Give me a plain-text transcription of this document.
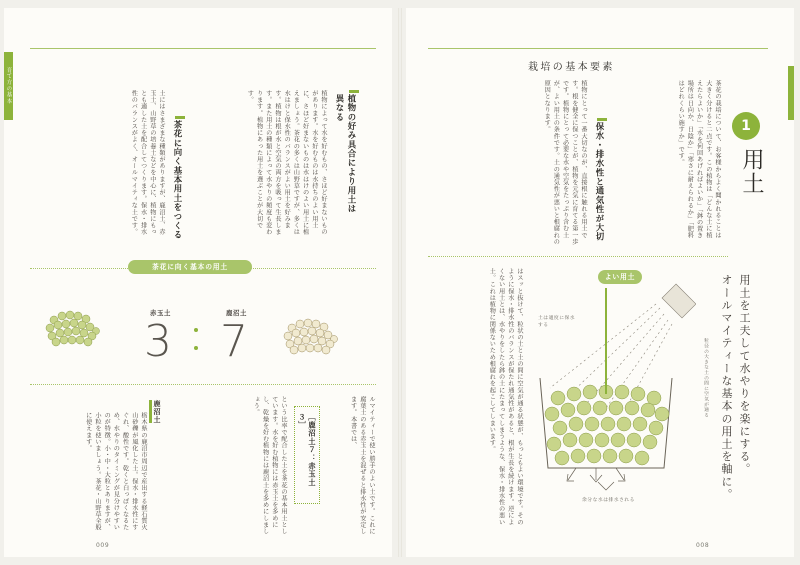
育て方の基本
植物の好み具合により用土は異なる
植物によって水を好むもの、さほど好まないものがあります。水を好むものは水持ちのよい用土に、さほど好まないものは水はけのよい用土に植えましょう。茶花の多くは山野草ですが、多くは水はけと保水性のバランスがよい用土を好みます。植物は根が水と空気の両方を吸って生長します。また用土の種類によって水やりの頻度も変わります。植物にあった用土を選ぶことが大切です。
茶花に向く基本用土をつくる
土にはさまざまな種類がありますが、鹿沼土、赤玉土、山野草の培養土などを中心に、植物にもっとも適した土を配合してつくります。保水・排水性のバランスがよく、オールマイティな土です。
茶花に向く基本の用土
赤玉土
3
鹿沼土
7
ルマイティーで使い勝手のよい土です。これに腐葉土のある赤玉土を混ぜると排水性が安定します。本書では、
［鹿沼土７：赤玉土３］
という比率で配合した土を茶花の基本用土としています。水を好む植物には赤玉土を多めにし、乾燥を好む植物には鹿沼土を多めにしましょう。
鹿沼土
栃木県の鹿沼市周辺で産出する軽石質火山砂礫が風化した土。保水・排水性にすぐれ、酸性です。乾くと白っぽくなるため、水やりのタイミングが見分けやすいのが特徴。小・中・大粒とありますが、小粒を使いましょう。茶花・山野草全般に使えます。
009
栽培の基本要素
1
用土
茶花の栽培について、お客様からよく聞かれることは大きく分けると二点です。この植物は「どんな土に植えたらよいか」「水を何回あげればよいか」「鉢の置き場所は日向か、日陰か」「寒さに耐えられるか」「肥料はどれくらい施すか」です。
保水・排水性と通気性が大切
植物にとって一番大切なのが、直接根に触れる用土です。根を健全に保つことが、植物を元気に育てる第一歩です。植物にとって必要な水や空気をたっぷり含む土が、よい用土の条件です。土の通気性が悪いと根腐れの原因となります。
用土を工夫して水やりを楽にする。
オールマイティーな基本の用土を軸に。
よい用土
土は適度に保水する
粒径の大きな土の間に空気が通る
余分な水は排水される
はスッと抜けて、粒状の土と土の間に空気が通る状態が、もっともよい環境です。そのように保水・排水性のバランスが保たれ通気性があると、根が生長を続けます。逆によくない用土とは、水やりをしたら鉢の土にたまってしまうような、保水・排水性の悪い土。これは植物に関係ないため根腐れを起こしてしまいます。
008
